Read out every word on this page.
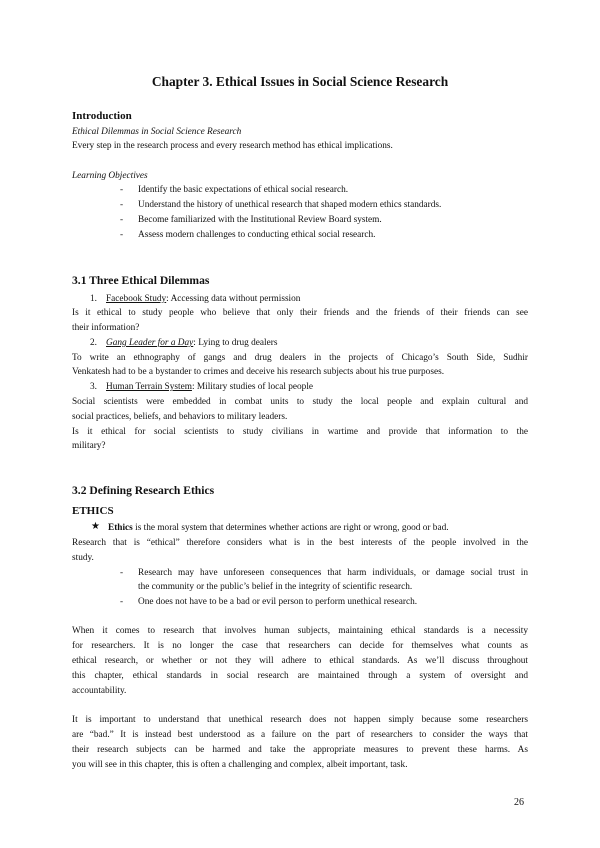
Chapter 3. Ethical Issues in Social Science Research
Introduction
Ethical Dilemmas in Social Science Research
Every step in the research process and every research method has ethical implications.
Learning Objectives
- Identify the basic expectations of ethical social research.
- Understand the history of unethical research that shaped modern ethics standards.
- Become familiarized with the Institutional Review Board system.
- Assess modern challenges to conducting ethical social research.
3.1 Three Ethical Dilemmas
1. Facebook Study: Accessing data without permission
Is it ethical to study people who believe that only their friends and the friends of their friends can see
their information?
2. Gang Leader for a Day: Lying to drug dealers
To write an ethnography of gangs and drug dealers in the projects of Chicago’s South Side, Sudhir
Venkatesh had to be a bystander to crimes and deceive his research subjects about his true purposes.
3. Human Terrain System: Military studies of local people
Social scientists were embedded in combat units to study the local people and explain cultural and
social practices, beliefs, and behaviors to military leaders.
Is it ethical for social scientists to study civilians in wartime and provide that information to the
military?
3.2 Defining Research Ethics
ETHICS
★ Ethics is the moral system that determines whether actions are right or wrong, good or bad.
Research that is “ethical” therefore considers what is in the best interests of the people involved in the
study.
- Research may have unforeseen consequences that harm individuals, or damage social trust in
the community or the public’s belief in the integrity of scientific research.
- One does not have to be a bad or evil person to perform unethical research.
When it comes to research that involves human subjects, maintaining ethical standards is a necessity
for researchers. It is no longer the case that researchers can decide for themselves what counts as
ethical research, or whether or not they will adhere to ethical standards. As we’ll discuss throughout
this chapter, ethical standards in social research are maintained through a system of oversight and
accountability.
It is important to understand that unethical research does not happen simply because some researchers
are “bad.” It is instead best understood as a failure on the part of researchers to consider the ways that
their research subjects can be harmed and take the appropriate measures to prevent these harms. As
you will see in this chapter, this is often a challenging and complex, albeit important, task.
26
